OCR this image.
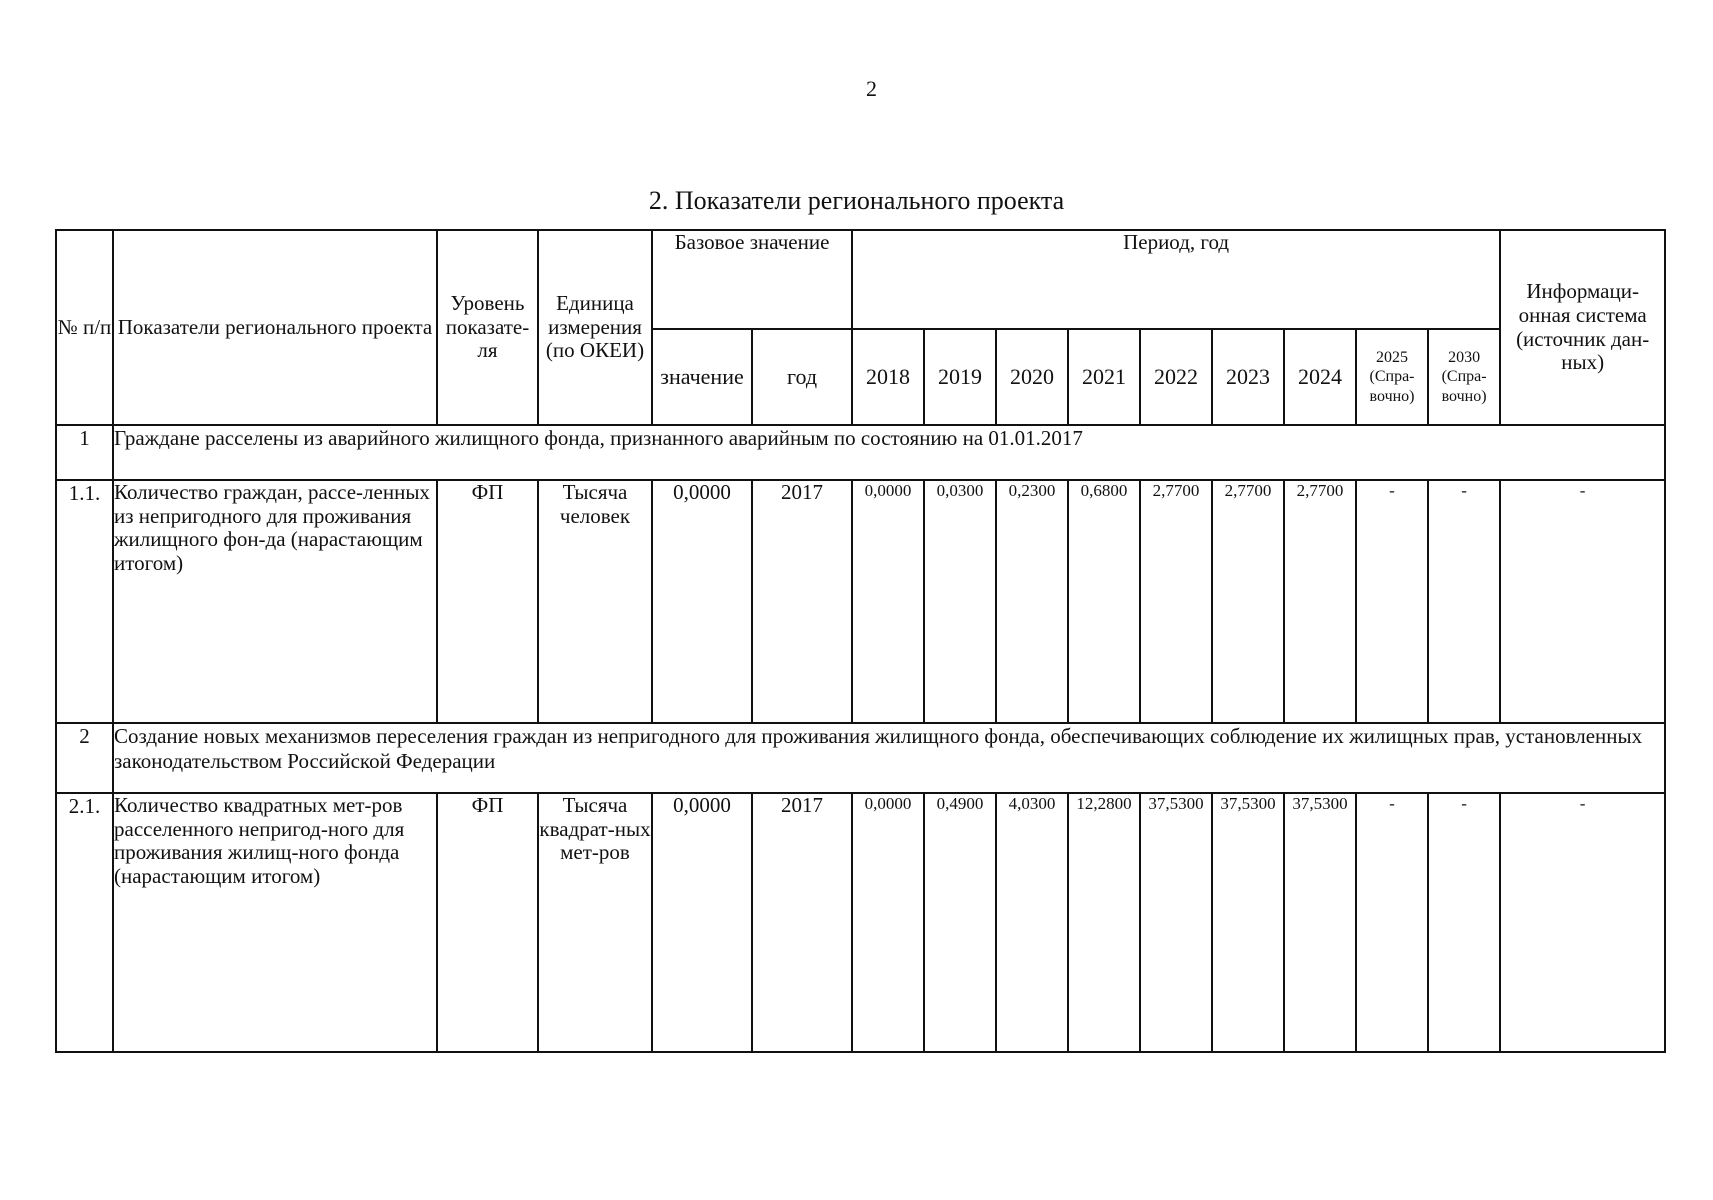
2
2. Показатели регионального проекта
№ п/п	Показатели регионального проекта	Уровень показате-ля	Единица измерения (по ОКЕИ)	Базовое значение		Период, год									Информаци-онная система (источник дан-ных)
				значение	год	2018	2019	2020	2021	2022	2023	2024	2025 (Спра-вочно)	2030 (Спра-вочно)	
1	Граждане расселены из аварийного жилищного фонда, признанного аварийным по состоянию на 01.01.2017														
1.1.	Количество граждан, рассе-ленных из непригодного для проживания жилищного фон-да (нарастающим итогом)	ФП	Тысяча человек	0,0000	2017	0,0000	0,0300	0,2300	0,6800	2,7700	2,7700	2,7700	-	-	-
2	Создание новых механизмов переселения граждан из непригодного для проживания жилищного фонда, обеспечивающих соблюдение их жилищных прав, установленных законодательством Российской Федерации														
2.1.	Количество квадратных мет-ров расселенного непригод-ного для проживания жилищ-ного фонда (нарастающим итогом)	ФП	Тысяча квадрат-ных мет-ров	0,0000	2017	0,0000	0,4900	4,0300	12,2800	37,5300	37,5300	37,5300	-	-	-
